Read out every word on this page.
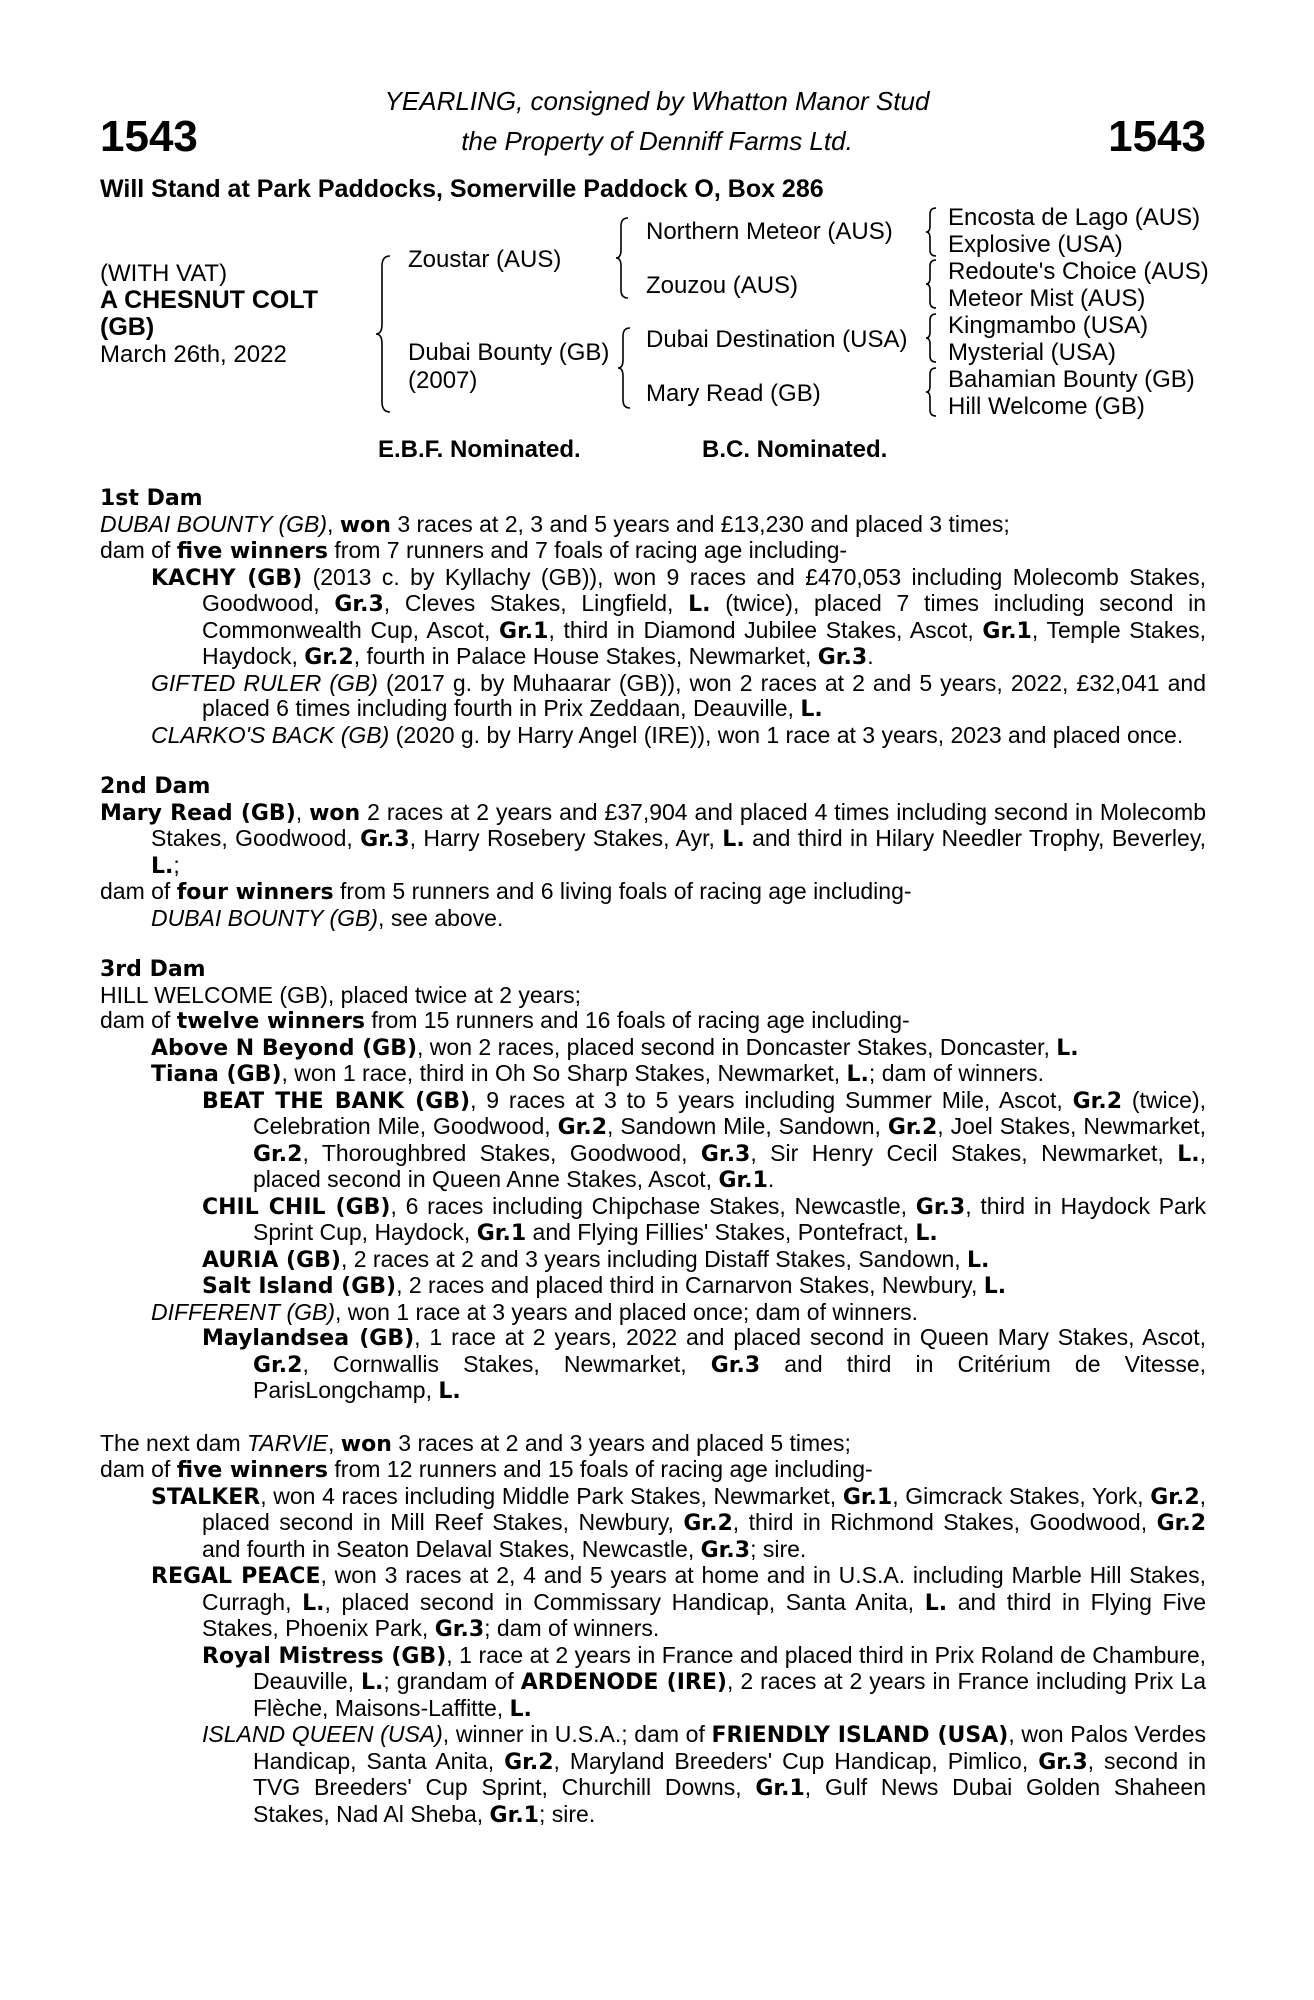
1543	1543
YEARLING, consigned by Whatton Manor Stud
the Property of Denniff Farms Ltd.
Will Stand at Park Paddocks, Somerville Paddock O, Box 286
(WITH VAT)
A CHESNUT COLT
(GB)
March 26th, 2022
Zoustar (AUS)
Dubai Bounty (GB)
(2007)
Northern Meteor (AUS)
Zouzou (AUS)
Dubai Destination (USA)
Mary Read (GB)
Encosta de Lago (AUS)
Explosive (USA)
Redoute's Choice (AUS)
Meteor Mist (AUS)
Kingmambo (USA)
Mysterial (USA)
Bahamian Bounty (GB)
Hill Welcome (GB)
E.B.F. Nominated.	B.C. Nominated.
1st Dam
DUBAI BOUNTY (GB), won 3 races at 2, 3 and 5 years and £13,230 and placed 3 times;
dam of five winners from 7 runners and 7 foals of racing age including-
KACHY (GB) (2013 c. by Kyllachy (GB)), won 9 races and £470,053 including Molecomb Stakes, Goodwood, Gr.3, Cleves Stakes, Lingfield, L. (twice), placed 7 times including second in Commonwealth Cup, Ascot, Gr.1, third in Diamond Jubilee Stakes, Ascot, Gr.1, Temple Stakes, Haydock, Gr.2, fourth in Palace House Stakes, Newmarket, Gr.3.
GIFTED RULER (GB) (2017 g. by Muhaarar (GB)), won 2 races at 2 and 5 years, 2022, £32,041 and placed 6 times including fourth in Prix Zeddaan, Deauville, L.
CLARKO'S BACK (GB) (2020 g. by Harry Angel (IRE)), won 1 race at 3 years, 2023 and placed once.
2nd Dam
Mary Read (GB), won 2 races at 2 years and £37,904 and placed 4 times including second in Molecomb Stakes, Goodwood, Gr.3, Harry Rosebery Stakes, Ayr, L. and third in Hilary Needler Trophy, Beverley, L.;
dam of four winners from 5 runners and 6 living foals of racing age including-
DUBAI BOUNTY (GB), see above.
3rd Dam
HILL WELCOME (GB), placed twice at 2 years;
dam of twelve winners from 15 runners and 16 foals of racing age including-
Above N Beyond (GB), won 2 races, placed second in Doncaster Stakes, Doncaster, L.
Tiana (GB), won 1 race, third in Oh So Sharp Stakes, Newmarket, L.; dam of winners.
BEAT THE BANK (GB), 9 races at 3 to 5 years including Summer Mile, Ascot, Gr.2 (twice), Celebration Mile, Goodwood, Gr.2, Sandown Mile, Sandown, Gr.2, Joel Stakes, Newmarket, Gr.2, Thoroughbred Stakes, Goodwood, Gr.3, Sir Henry Cecil Stakes, Newmarket, L., placed second in Queen Anne Stakes, Ascot, Gr.1.
CHIL CHIL (GB), 6 races including Chipchase Stakes, Newcastle, Gr.3, third in Haydock Park Sprint Cup, Haydock, Gr.1 and Flying Fillies' Stakes, Pontefract, L.
AURIA (GB), 2 races at 2 and 3 years including Distaff Stakes, Sandown, L.
Salt Island (GB), 2 races and placed third in Carnarvon Stakes, Newbury, L.
DIFFERENT (GB), won 1 race at 3 years and placed once; dam of winners.
Maylandsea (GB), 1 race at 2 years, 2022 and placed second in Queen Mary Stakes, Ascot, Gr.2, Cornwallis Stakes, Newmarket, Gr.3 and third in Critérium de Vitesse, ParisLongchamp, L.
The next dam TARVIE, won 3 races at 2 and 3 years and placed 5 times;
dam of five winners from 12 runners and 15 foals of racing age including-
STALKER, won 4 races including Middle Park Stakes, Newmarket, Gr.1, Gimcrack Stakes, York, Gr.2, placed second in Mill Reef Stakes, Newbury, Gr.2, third in Richmond Stakes, Goodwood, Gr.2 and fourth in Seaton Delaval Stakes, Newcastle, Gr.3; sire.
REGAL PEACE, won 3 races at 2, 4 and 5 years at home and in U.S.A. including Marble Hill Stakes, Curragh, L., placed second in Commissary Handicap, Santa Anita, L. and third in Flying Five Stakes, Phoenix Park, Gr.3; dam of winners.
Royal Mistress (GB), 1 race at 2 years in France and placed third in Prix Roland de Chambure, Deauville, L.; grandam of ARDENODE (IRE), 2 races at 2 years in France including Prix La Flèche, Maisons-Laffitte, L.
ISLAND QUEEN (USA), winner in U.S.A.; dam of FRIENDLY ISLAND (USA), won Palos Verdes Handicap, Santa Anita, Gr.2, Maryland Breeders' Cup Handicap, Pimlico, Gr.3, second in TVG Breeders' Cup Sprint, Churchill Downs, Gr.1, Gulf News Dubai Golden Shaheen Stakes, Nad Al Sheba, Gr.1; sire.
